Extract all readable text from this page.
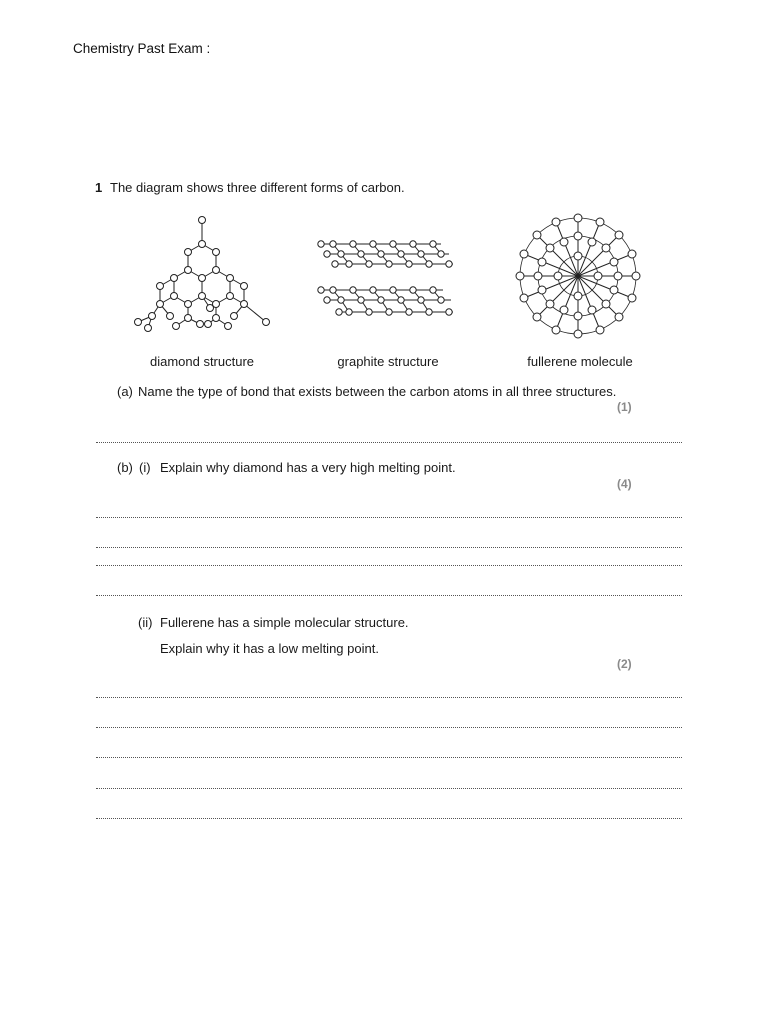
Chemistry Past Exam :
1 The diagram shows three different forms of carbon.
diamond structure	graphite structure	fullerene molecule
(a) Name the type of bond that exists between the carbon atoms in all three structures.
(1)
(b) (i) Explain why diamond has a very high melting point.
(4)
(ii) Fullerene has a simple molecular structure.
Explain why it has a low melting point.
(2)
